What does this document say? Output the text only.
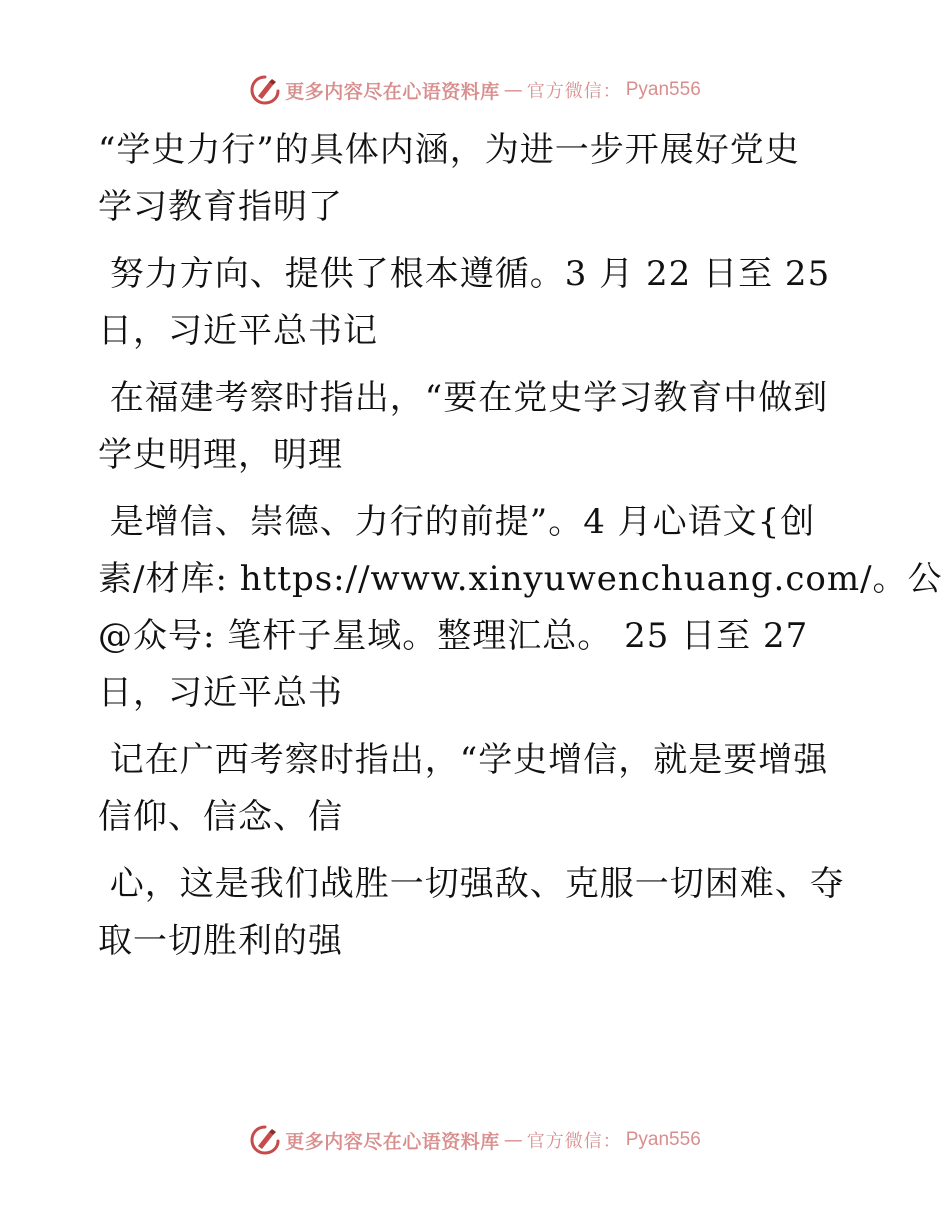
更多内容尽在心语资料库 — 官方微信： Pyan556
“学史力行”的具体内涵，为进一步开展好党史
学习教育指明了
努力方向、提供了根本遵循。3 月 22 日至 25
日，习近平总书记
在福建考察时指出，“要在党史学习教育中做到
学史明理，明理
是增信、崇德、力行的前提”。4 月心语文{创
素/材库: https://www.xinyuwenchuang.com/。公
@众号: 笔杆子星域。整理汇总。 25 日至 27
日，习近平总书
记在广西考察时指出，“学史增信，就是要增强
信仰、信念、信
心，这是我们战胜一切强敌、克服一切困难、夺
取一切胜利的强
更多内容尽在心语资料库 — 官方微信： Pyan556
